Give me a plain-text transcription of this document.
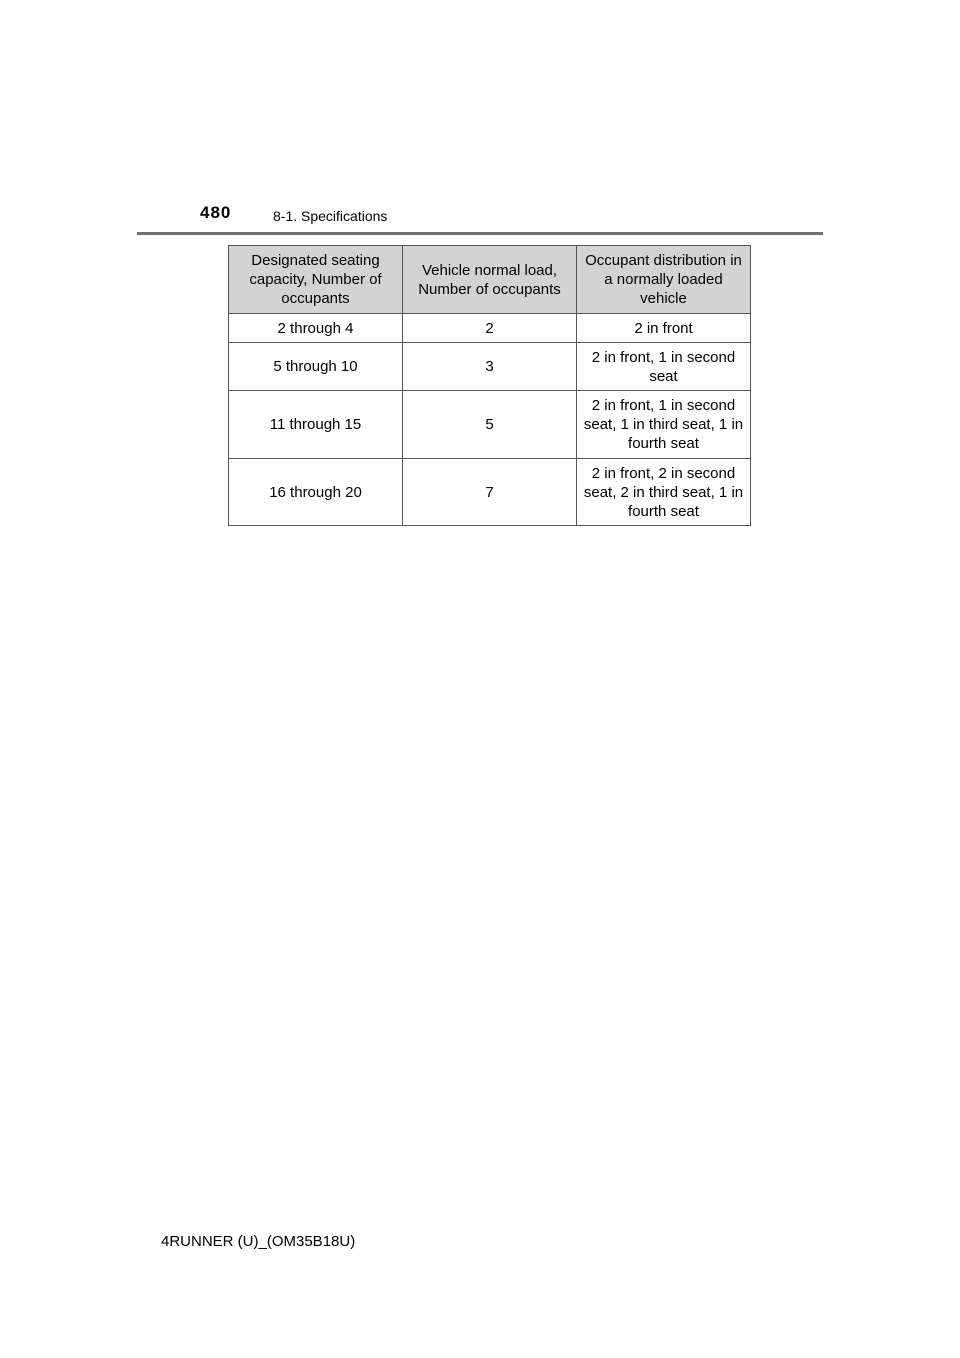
480	8-1. Specifications
Designated seating capacity, Number of occupants	Vehicle normal load, Number of occupants	Occupant distribution in a normally loaded vehicle
2 through 4	2	2 in front
5 through 10	3	2 in front, 1 in second seat
11 through 15	5	2 in front, 1 in second seat, 1 in third seat, 1 in fourth seat
16 through 20	7	2 in front, 2 in second seat, 2 in third seat, 1 in fourth seat
4RUNNER (U)_(OM35B18U)
